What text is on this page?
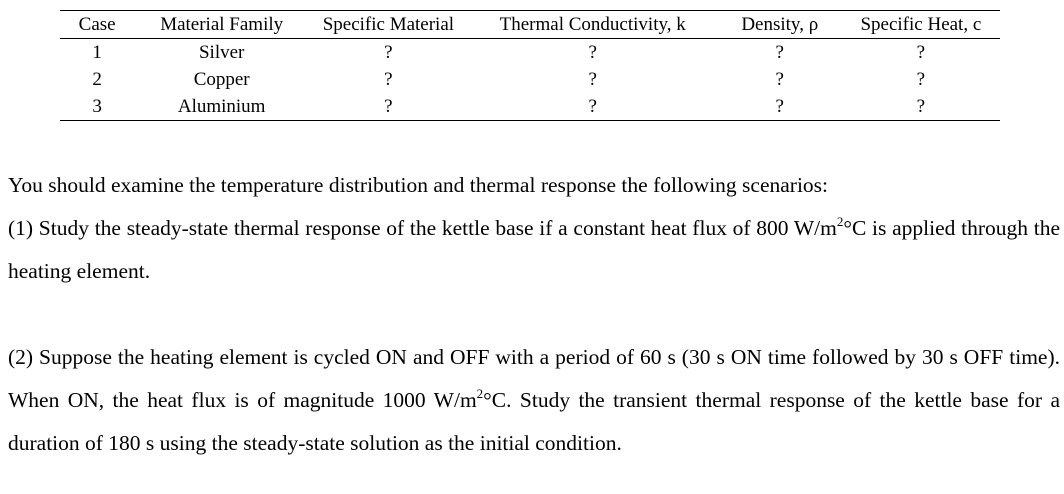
Case	Material Family	Specific Material	Thermal Conductivity, k	Density, ρ	Specific Heat, c
1	Silver	?	?	?	?
2	Copper	?	?	?	?
3	Aluminium	?	?	?	?

You should examine the temperature distribution and thermal response the following scenarios:

(1) Study the steady-state thermal response of the kettle base if a constant heat flux of 800 $W/m^2^\circ C$ is applied through the heating element.

(2) Suppose the heating element is cycled ON and OFF with a period of 60 s (30 s ON time followed by 30 s OFF time). When ON, the heat flux is of magnitude 1000 $W/m^2^\circ C$. Study the transient thermal response of the kettle base for a duration of 180 s using the steady-state solution as the initial condition.
